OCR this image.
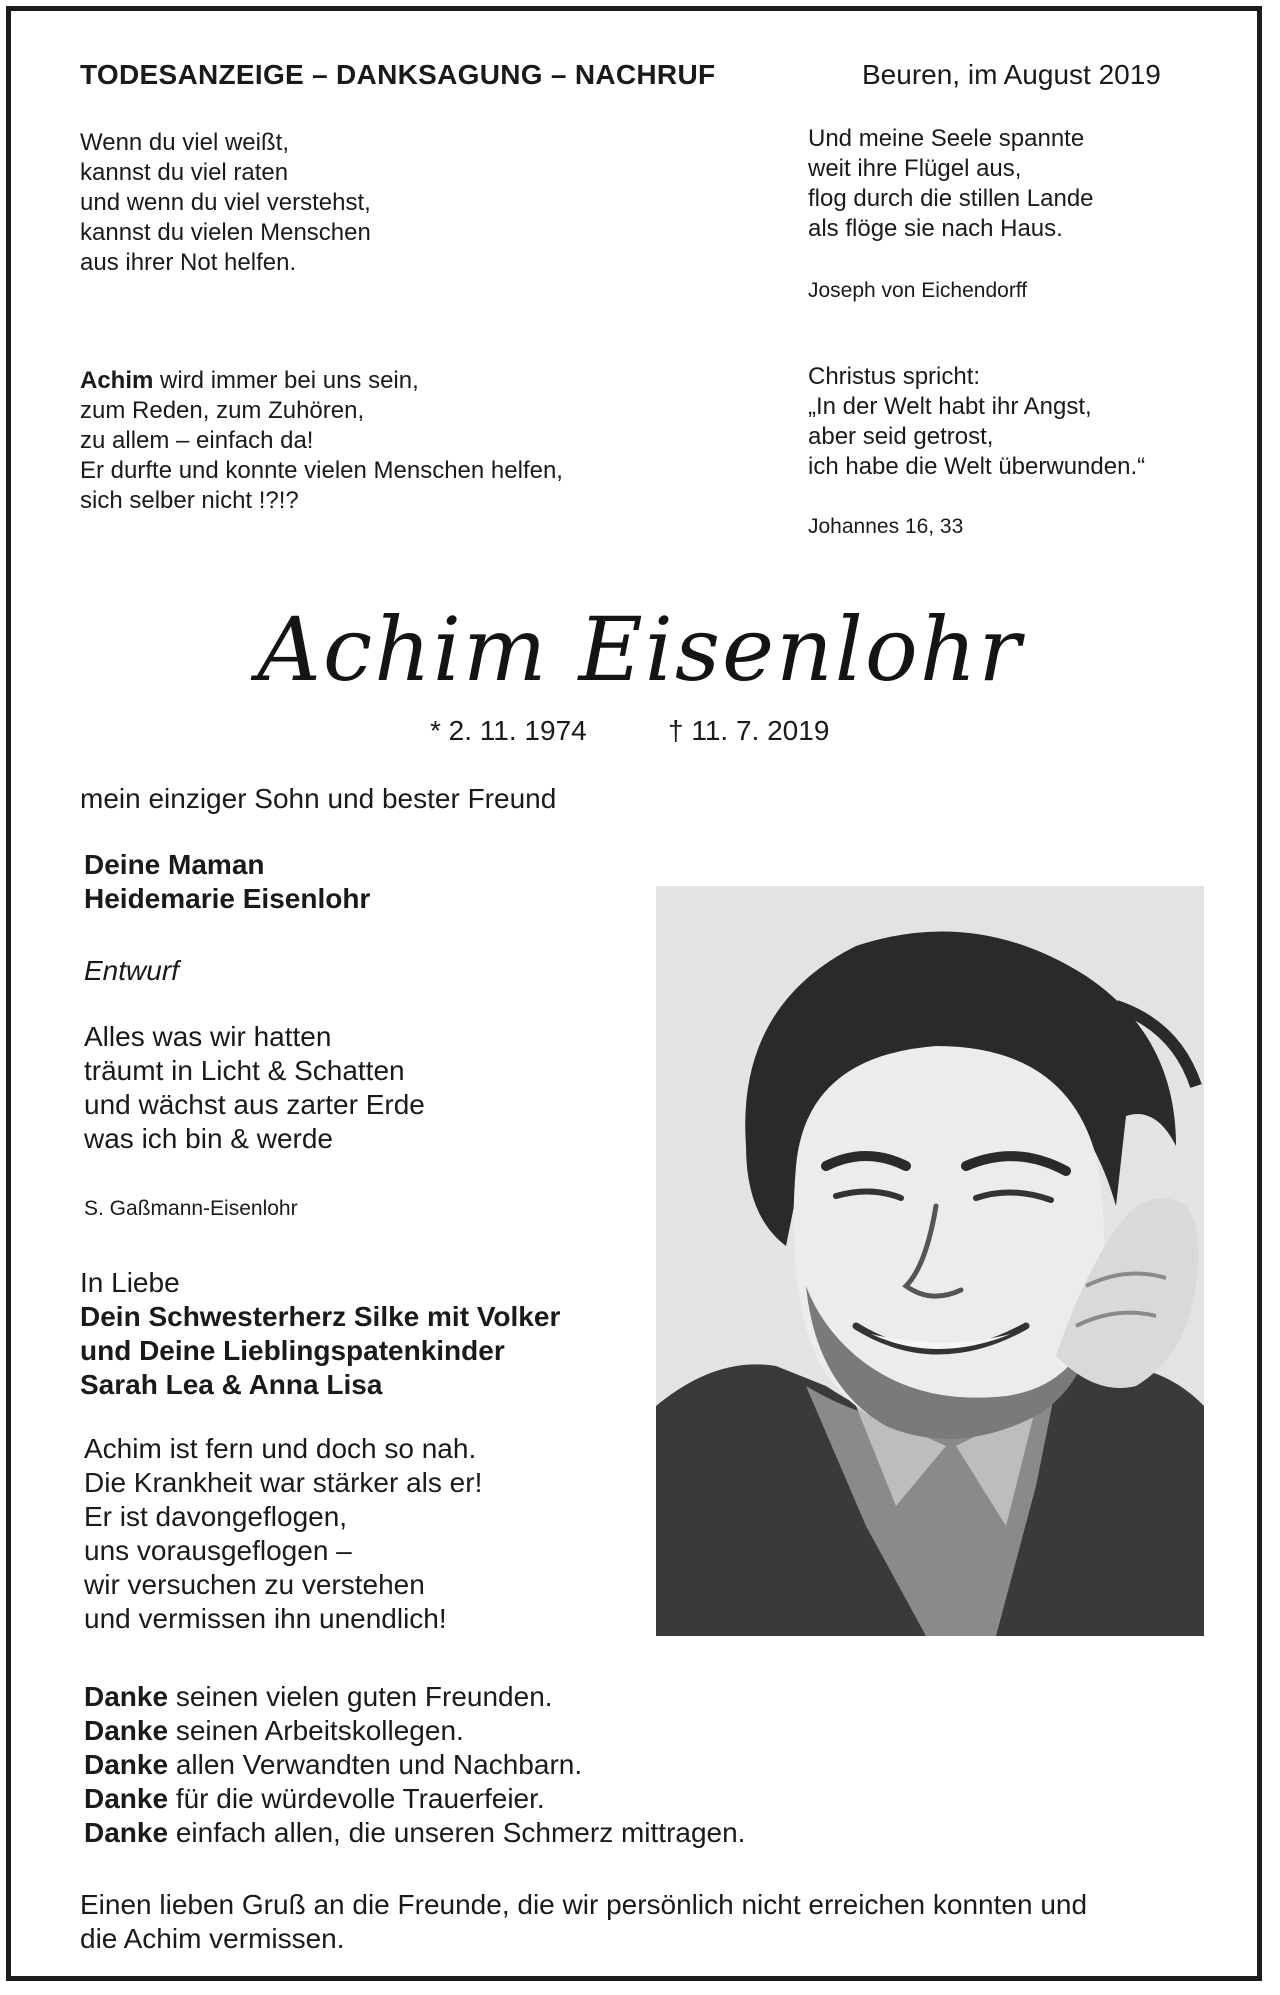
TODESANZEIGE – DANKSAGUNG – NACHRUF	Beuren, im August 2019
Wenn du viel weißt,
kannst du viel raten
und wenn du viel verstehst,
kannst du vielen Menschen
aus ihrer Not helfen.
Und meine Seele spannte
weit ihre Flügel aus,
flog durch die stillen Lande
als flöge sie nach Haus.
Joseph von Eichendorff
Achim wird immer bei uns sein,
zum Reden, zum Zuhören,
zu allem – einfach da!
Er durfte und konnte vielen Menschen helfen,
sich selber nicht !?!?
Christus spricht:
„In der Welt habt ihr Angst,
aber seid getrost,
ich habe die Welt überwunden.“
Johannes 16, 33
Achim Eisenlohr
* 2. 11. 1974	† 11. 7. 2019
mein einziger Sohn und bester Freund
Deine Maman
Heidemarie Eisenlohr
Entwurf
Alles was wir hatten
träumt in Licht & Schatten
und wächst aus zarter Erde
was ich bin & werde
S. Gaßmann-Eisenlohr
In Liebe
Dein Schwesterherz Silke mit Volker
und Deine Lieblingspatenkinder
Sarah Lea & Anna Lisa
Achim ist fern und doch so nah.
Die Krankheit war stärker als er!
Er ist davongeflogen,
uns vorausgeflogen –
wir versuchen zu verstehen
und vermissen ihn unendlich!
Danke seinen vielen guten Freunden.
Danke seinen Arbeitskollegen.
Danke allen Verwandten und Nachbarn.
Danke für die würdevolle Trauerfeier.
Danke einfach allen, die unseren Schmerz mittragen.
Einen lieben Gruß an die Freunde, die wir persönlich nicht erreichen konnten und
die Achim vermissen.
